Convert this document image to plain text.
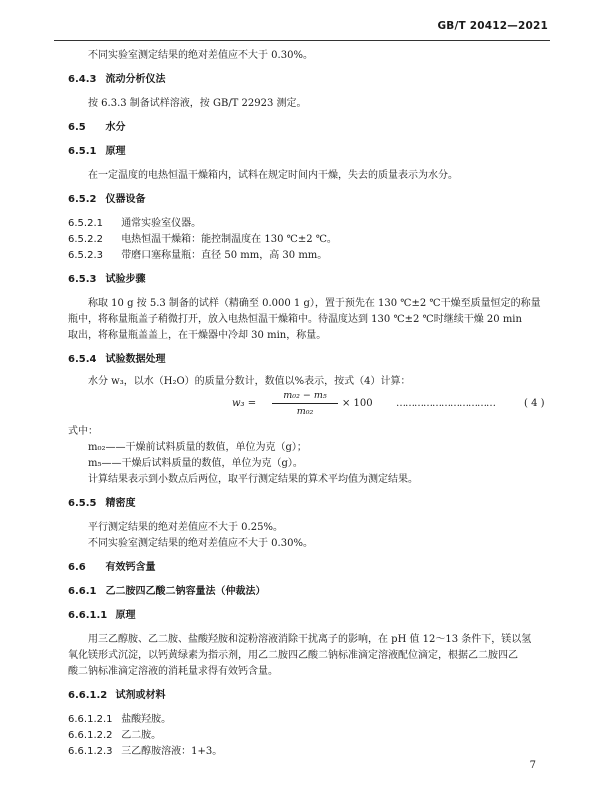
GB/T 20412—2021
不同实验室测定结果的绝对差值应不大于 0.30%。
6.4.3 流动分析仪法
按 6.3.3 制备试样溶液，按 GB/T 22923 测定。
6.5 水分
6.5.1 原理
在一定温度的电热恒温干燥箱内，试料在规定时间内干燥，失去的质量表示为水分。
6.5.2 仪器设备
6.5.2.1 通常实验室仪器。
6.5.2.2 电热恒温干燥箱：能控制温度在 130 ℃±2 ℃。
6.5.2.3 带磨口塞称量瓶：直径 50 mm，高 30 mm。
6.5.3 试验步骤
称取 10 g 按 5.3 制备的试样（精确至 0.000 1 g），置于预先在 130 ℃±2 ℃干燥至质量恒定的称量
瓶中，将称量瓶盖子稍微打开，放入电热恒温干燥箱中。待温度达到 130 ℃±2 ℃时继续干燥 20 min
取出，将称量瓶盖盖上，在干燥器中冷却 30 min，称量。
6.5.4 试验数据处理
水分 w₃，以水（H₂O）的质量分数计，数值以%表示，按式（4）计算：
w₃ =
m₀₂ − m₅
m₀₂
× 100 ……………………………	( 4 )
式中：
m₀₂——干燥前试料质量的数值，单位为克（g）；
m₅——干燥后试料质量的数值，单位为克（g）。
计算结果表示到小数点后两位，取平行测定结果的算术平均值为测定结果。
6.5.5 精密度
平行测定结果的绝对差值应不大于 0.25%。
不同实验室测定结果的绝对差值应不大于 0.30%。
6.6 有效钙含量
6.6.1 乙二胺四乙酸二钠容量法（仲裁法）
6.6.1.1 原理
用三乙醇胺、乙二胺、盐酸羟胺和淀粉溶液消除干扰离子的影响，在 pH 值 12～13 条件下，镁以氢
氧化镁形式沉淀，以钙黄绿素为指示剂，用乙二胺四乙酸二钠标准滴定溶液配位滴定，根据乙二胺四乙
酸二钠标准滴定溶液的消耗量求得有效钙含量。
6.6.1.2 试剂或材料
6.6.1.2.1 盐酸羟胺。
6.6.1.2.2 乙二胺。
6.6.1.2.3 三乙醇胺溶液：1+3。
7
